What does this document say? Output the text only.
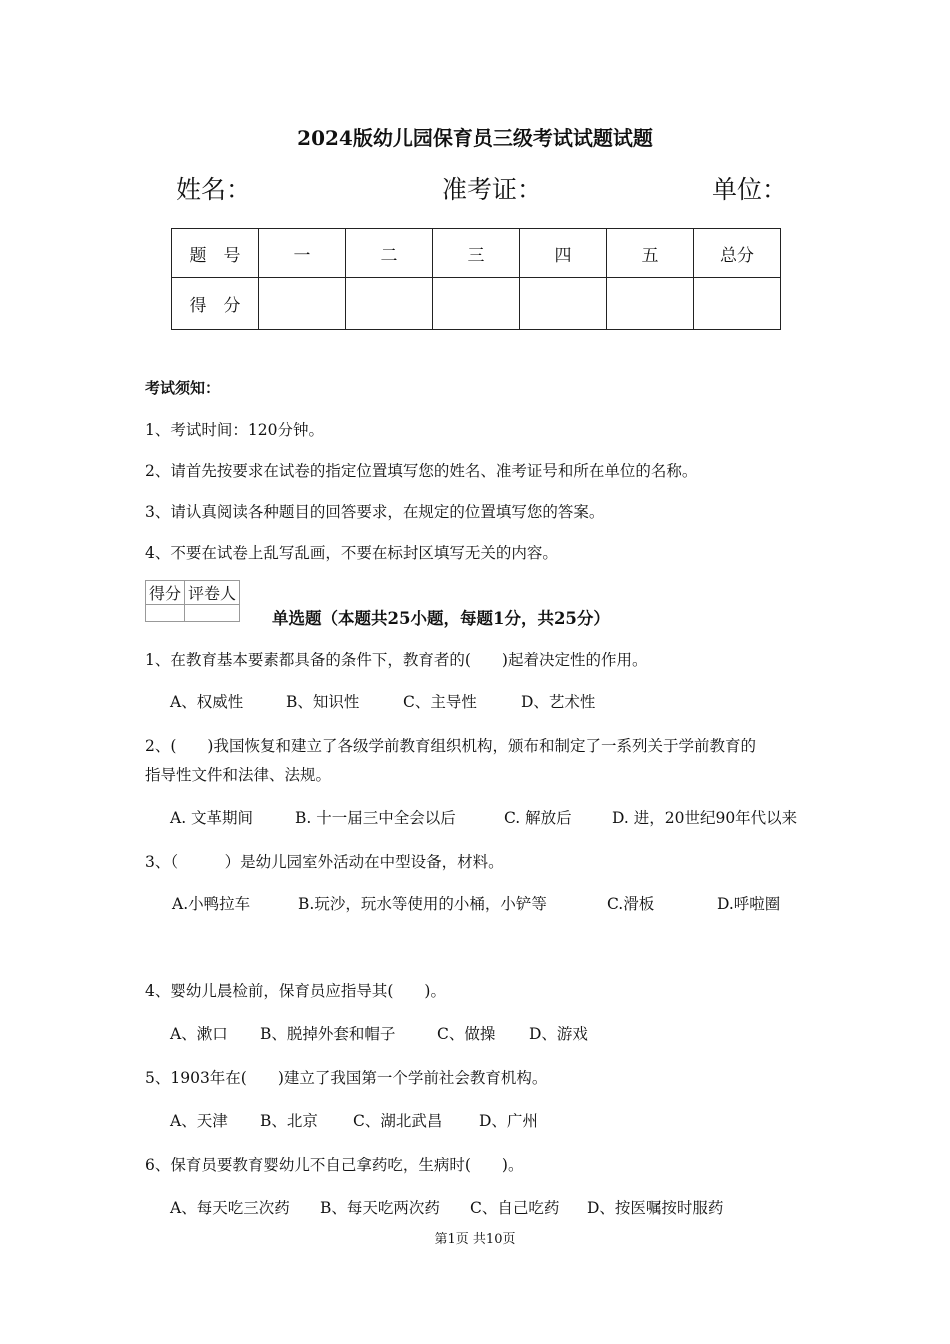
2024版幼儿园保育员三级考试试题试题
姓名：	准考证：	单位：
题　号	一	二	三	四	五	总分
得　分						
考试须知：
1、考试时间：120分钟。
2、请首先按要求在试卷的指定位置填写您的姓名、准考证号和所在单位的名称。
3、请认真阅读各种题目的回答要求，在规定的位置填写您的答案。
4、不要在试卷上乱写乱画，不要在标封区填写无关的内容。
得分	评卷人

单选题（本题共25小题，每题1分，共25分）
1、在教育基本要素都具备的条件下，教育者的(　　)起着决定性的作用。
A、权威性	B、知识性	C、主导性	D、艺术性
2、(　　)我国恢复和建立了各级学前教育组织机构，颁布和制定了一系列关于学前教育的
指导性文件和法律、法规。
A. 文革期间	B. 十一届三中全会以后	C. 解放后	D. 进，20世纪90年代以来
3、（　　　）是幼儿园室外活动在中型设备，材料。
A.小鸭拉车	B.玩沙，玩水等使用的小桶，小铲等	C.滑板	D.呼啦圈
4、婴幼儿晨检前，保育员应指导其(　　)。
A、漱口 B、脱掉外套和帽子	C、做操 D、游戏
5、1903年在(　　)建立了我国第一个学前社会教育机构。
A、天津 B、北京 C、湖北武昌 D、广州
6、保育员要教育婴幼儿不自己拿药吃，生病时(　　)。
A、每天吃三次药 B、每天吃两次药 C、自己吃药 D、按医嘱按时服药
第1页 共10页
